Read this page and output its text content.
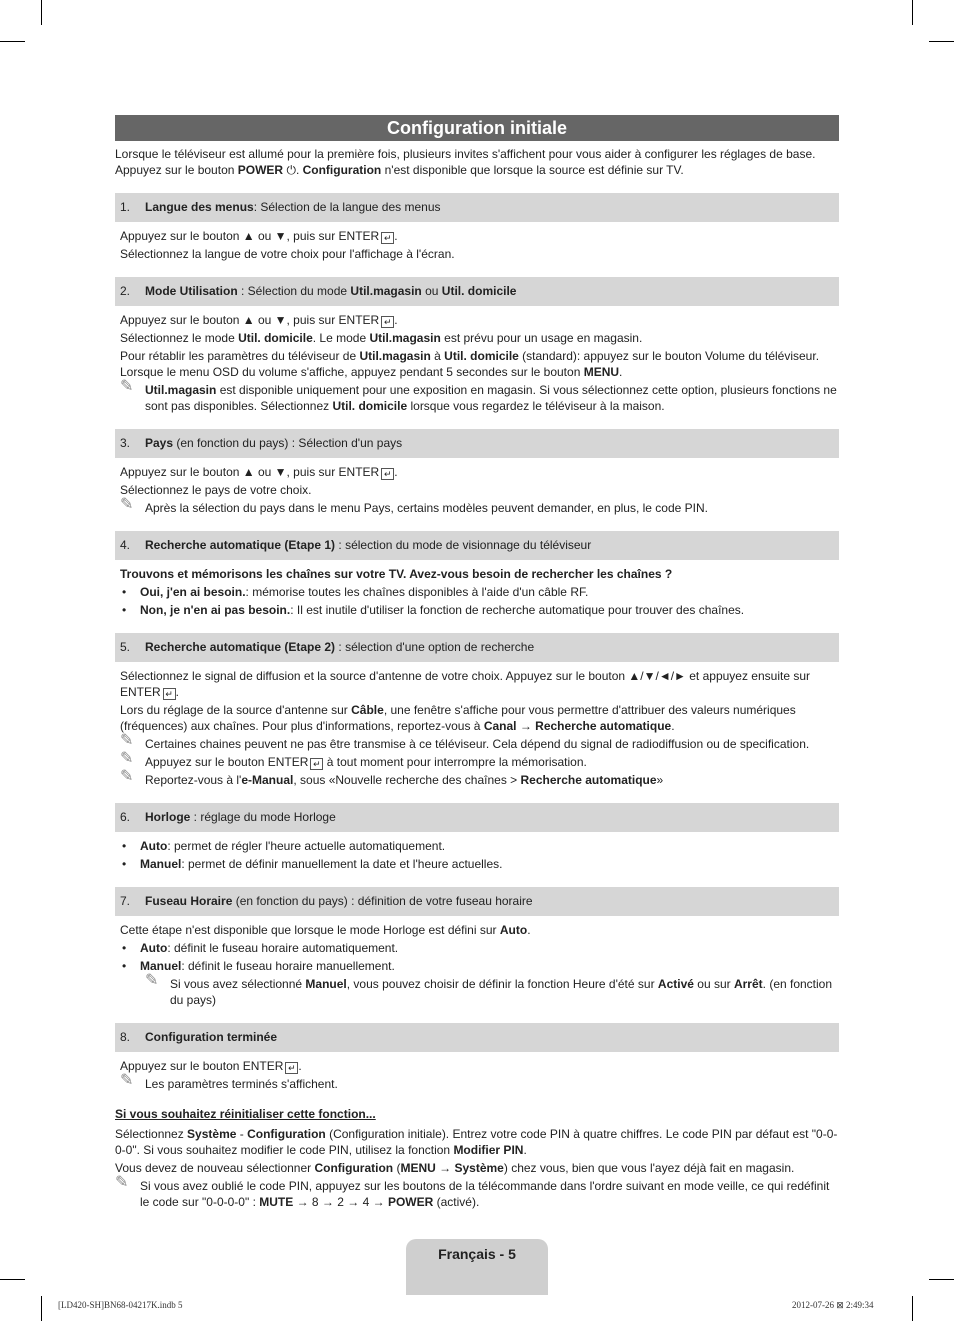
Configuration initiale
Lorsque le téléviseur est allumé pour la première fois, plusieurs invites s'affichent pour vous aider à configurer les réglages de base.
Appuyez sur le bouton POWER ⏻. Configuration n'est disponible que lorsque la source est définie sur TV.
1. Langue des menus: Sélection de la langue des menus

Appuyez sur le bouton ▲ ou ▼, puis sur ENTER ↵ .

Sélectionnez la langue de votre choix pour l'affichage à l'écran.

2. Mode Utilisation : Sélection du mode Util.magasin ou Util. domicile

Appuyez sur le bouton ▲ ou ▼, puis sur ENTER ↵ .

Sélectionnez le mode Util. domicile. Le mode Util.magasin est prévu pour un usage en magasin.

Pour rétablir les paramètres du téléviseur de Util.magasin à Util. domicile (standard): appuyez sur le bouton Volume du téléviseur.
Lorsque le menu OSD du volume s'affiche, appuyez pendant 5 secondes sur le bouton MENU.

✎ Util.magasin est disponible uniquement pour une exposition en magasin. Si vous sélectionnez cette option, plusieurs fonctions ne sont pas disponibles. Sélectionnez Util. domicile lorsque vous regardez le téléviseur à la maison.
3. Pays (en fonction du pays) : Sélection d'un pays

Appuyez sur le bouton ▲ ou ▼, puis sur ENTER ↵ .

Sélectionnez le pays de votre choix.

✎ Après la sélection du pays dans le menu Pays, certains modèles peuvent demander, en plus, le code PIN.
4. Recherche automatique (Etape 1) : sélection du mode de visionnage du téléviseur

Trouvons et mémorisons les chaînes sur votre TV. Avez-vous besoin de rechercher les chaînes ?

• Oui, j'en ai besoin.: mémorise toutes les chaînes disponibles à l'aide d'un câble RF.
• Non, je n'en ai pas besoin.: Il est inutile d'utiliser la fonction de recherche automatique pour trouver des chaînes.
5. Recherche automatique (Etape 2) : sélection d'une option de recherche

Sélectionnez le signal de diffusion et la source d'antenne de votre choix. Appuyez sur le bouton ▲/▼/◄/► et appuyez ensuite sur ENTER ↵ .

Lors du réglage de la source d'antenne sur Câble, une fenêtre s'affiche pour vous permettre d'attribuer des valeurs numériques (fréquences) aux chaînes. Pour plus d'informations, reportez-vous à Canal → Recherche automatique.

✎ Certaines chaines peuvent ne pas être transmise à ce téléviseur. Cela dépend du signal de radiodiffusion ou de specification.
✎ Appuyez sur le bouton ENTER ↵ à tout moment pour interrompre la mémorisation.
✎ Reportez-vous à l'e-Manual, sous «Nouvelle recherche des chaînes > Recherche automatique»
6. Horloge : réglage du mode Horloge
• Auto: permet de régler l'heure actuelle automatiquement.
• Manuel: permet de définir manuellement la date et l'heure actuelles.
7. Fuseau Horaire (en fonction du pays) : définition de votre fuseau horaire

Cette étape n'est disponible que lorsque le mode Horloge est défini sur Auto.

• Auto: définit le fuseau horaire automatiquement.
• Manuel: définit le fuseau horaire manuellement.
✎ Si vous avez sélectionné Manuel, vous pouvez choisir de définir la fonction Heure d'été sur Activé ou sur Arrêt. (en fonction du pays)
8. Configuration terminée

Appuyez sur le bouton ENTER ↵ .

✎ Les paramètres terminés s'affichent.
Si vous souhaitez réinitialiser cette fonction...

Sélectionnez Système - Configuration (Configuration initiale). Entrez votre code PIN à quatre chiffres. Le code PIN par défaut est "0-0-0-0". Si vous souhaitez modifier le code PIN, utilisez la fonction Modifier PIN.

Vous devez de nouveau sélectionner Configuration (MENU → Système) chez vous, bien que vous l'ayez déjà fait en magasin.

✎ Si vous avez oublié le code PIN, appuyez sur les boutons de la télécommande dans l'ordre suivant en mode veille, ce qui redéfinit le code sur "0-0-0-0" : MUTE → 8 → 2 → 4 → POWER (activé).
Français - 5
[LD420-SH]BN68-04217K.indb 5	2012-07-26 ⊠ 2:49:34
